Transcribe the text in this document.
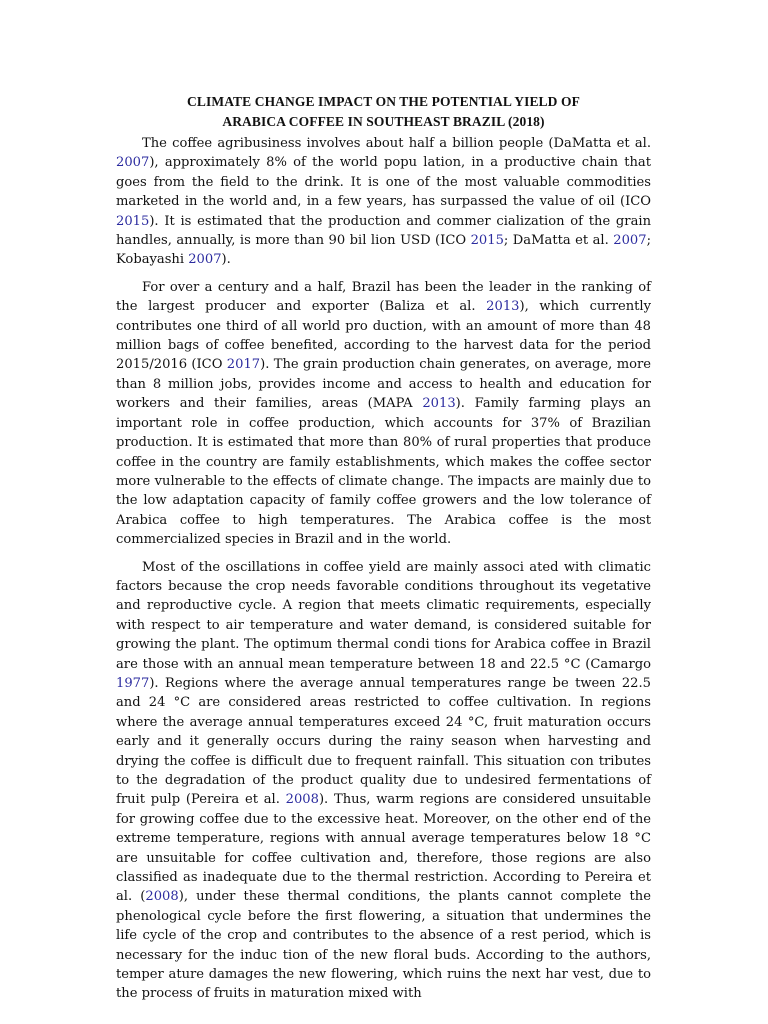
CLIMATE CHANGE IMPACT ON THE POTENTIAL YIELD OF
ARABICA COFFEE IN SOUTHEAST BRAZIL (2018)

The coffee agribusiness involves about half a billion people (DaMatta et al. 2007), approximately 8% of the world popu lation, in a productive chain that goes from the field to the drink. It is one of the most valuable commodities marketed in the world and, in a few years, has surpassed the value of oil (ICO 2015). It is estimated that the production and commer cialization of the grain handles, annually, is more than 90 bil lion USD (ICO 2015; DaMatta et al. 2007; Kobayashi 2007).

For over a century and a half, Brazil has been the leader in the ranking of the largest producer and exporter (Baliza et al. 2013), which currently contributes one third of all world pro duction, with an amount of more than 48 million bags of coffee benefited, according to the harvest data for the period 2015/2016 (ICO 2017). The grain production chain generates, on average, more than 8 million jobs, provides income and access to health and education for workers and their families, areas (MAPA 2013). Family farming plays an important role in coffee production, which accounts for 37% of Brazilian production. It is estimated that more than 80% of rural properties that produce coffee in the country are family establishments, which makes the coffee sector more vulnerable to the effects of climate change. The impacts are mainly due to the low adaptation capacity of family coffee growers and the low tolerance of Arabica coffee to high temperatures. The Arabica coffee is the most commercialized species in Brazil and in the world.

Most of the oscillations in coffee yield are mainly associ ated with climatic factors because the crop needs favorable conditions throughout its vegetative and reproductive cycle. A region that meets climatic requirements, especially with respect to air temperature and water demand, is considered suitable for growing the plant. The optimum thermal condi tions for Arabica coffee in Brazil are those with an annual mean temperature between 18 and 22.5 °C (Camargo 1977). Regions where the average annual temperatures range be tween 22.5 and 24 °C are considered areas restricted to coffee cultivation. In regions where the average annual temperatures exceed 24 °C, fruit maturation occurs early and it generally occurs during the rainy season when harvesting and drying the coffee is difficult due to frequent rainfall. This situation con tributes to the degradation of the product quality due to undesired fermentations of fruit pulp (Pereira et al. 2008). Thus, warm regions are considered unsuitable for growing coffee due to the excessive heat. Moreover, on the other end of the extreme temperature, regions with annual average temperatures below 18 °C are unsuitable for coffee cultivation and, therefore, those regions are also classified as inadequate due to the thermal restriction. According to Pereira et al. (2008), under these thermal conditions, the plants cannot complete the phenological cycle before the first flowering, a situation that undermines the life cycle of the crop and contributes to the absence of a rest period, which is necessary for the induc tion of the new floral buds. According to the authors, temper ature damages the new flowering, which ruins the next har vest, due to the process of fruits in maturation mixed with
